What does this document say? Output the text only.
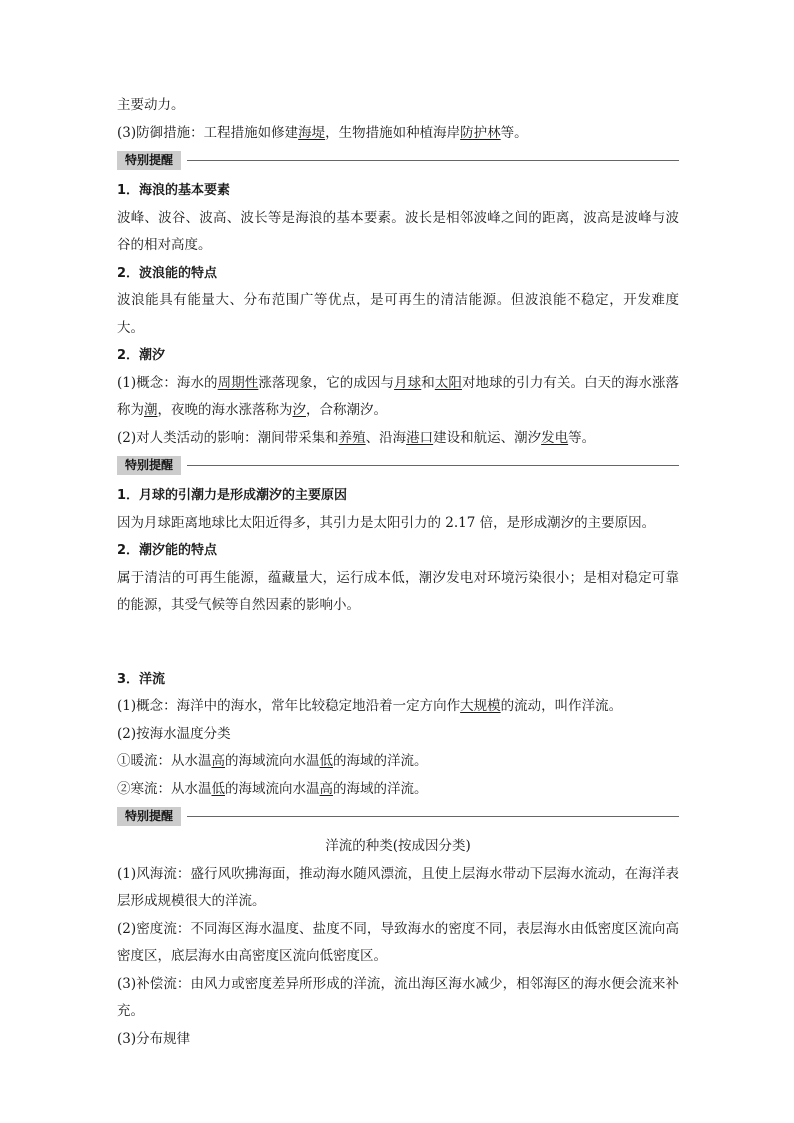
主要动力。

(3)防御措施：工程措施如修建海堤，生物措施如种植海岸防护林等。

特别提醒

1．海浪的基本要素

波峰、波谷、波高、波长等是海浪的基本要素。波长是相邻波峰之间的距离，波高是波峰与波谷的相对高度。

2．波浪能的特点

波浪能具有能量大、分布范围广等优点，是可再生的清洁能源。但波浪能不稳定，开发难度大。

2．潮汐

(1)概念：海水的周期性涨落现象，它的成因与月球和太阳对地球的引力有关。白天的海水涨落称为潮，夜晚的海水涨落称为汐，合称潮汐。

(2)对人类活动的影响：潮间带采集和养殖、沿海港口建设和航运、潮汐发电等。

特别提醒

1．月球的引潮力是形成潮汐的主要原因

因为月球距离地球比太阳近得多，其引力是太阳引力的 2.17 倍，是形成潮汐的主要原因。

2．潮汐能的特点

属于清洁的可再生能源，蕴藏量大，运行成本低，潮汐发电对环境污染很小；是相对稳定可靠的能源，其受气候等自然因素的影响小。

3．洋流

(1)概念：海洋中的海水，常年比较稳定地沿着一定方向作大规模的流动，叫作洋流。

(2)按海水温度分类

①暖流：从水温高的海域流向水温低的海域的洋流。

②寒流：从水温低的海域流向水温高的海域的洋流。

特别提醒

洋流的种类(按成因分类)

(1)风海流：盛行风吹拂海面，推动海水随风漂流，且使上层海水带动下层海水流动，在海洋表层形成规模很大的洋流。

(2)密度流：不同海区海水温度、盐度不同，导致海水的密度不同，表层海水由低密度区流向高密度区，底层海水由高密度区流向低密度区。

(3)补偿流：由风力或密度差异所形成的洋流，流出海区海水减少，相邻海区的海水便会流来补充。

(3)分布规律
